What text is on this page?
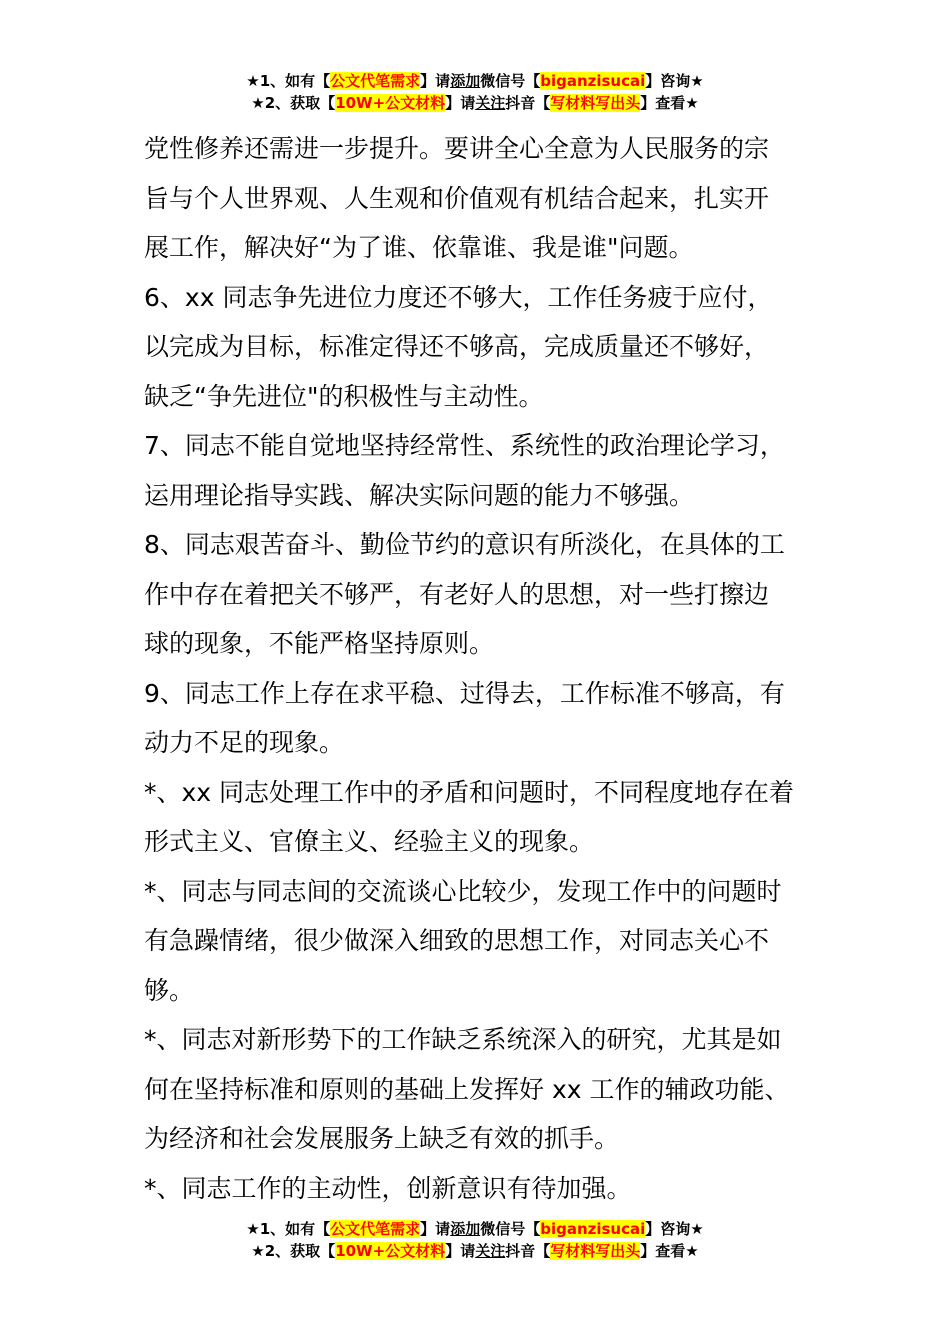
★1、如有【公文代笔需求】请添加微信号【biganzisucai】咨询★
★2、获取【10W+公文材料】请关注抖音【写材料写出头】查看★
党性修养还需进一步提升。要讲全心全意为人民服务的宗
旨与个人世界观、人生观和价值观有机结合起来，扎实开
展工作，解决好“为了谁、依靠谁、我是谁"问题。
6、xx 同志争先进位力度还不够大，工作任务疲于应付，
以完成为目标，标准定得还不够高，完成质量还不够好，
缺乏“争先进位"的积极性与主动性。
7、同志不能自觉地坚持经常性、系统性的政治理论学习，
运用理论指导实践、解决实际问题的能力不够强。
8、同志艰苦奋斗、勤俭节约的意识有所淡化，在具体的工
作中存在着把关不够严，有老好人的思想，对一些打擦边
球的现象，不能严格坚持原则。
9、同志工作上存在求平稳、过得去，工作标准不够高，有
动力不足的现象。
*、xx 同志处理工作中的矛盾和问题时，不同程度地存在着
形式主义、官僚主义、经验主义的现象。
*、同志与同志间的交流谈心比较少，发现工作中的问题时
有急躁情绪，很少做深入细致的思想工作，对同志关心不
够。
*、同志对新形势下的工作缺乏系统深入的研究，尤其是如
何在坚持标准和原则的基础上发挥好 xx 工作的辅政功能、
为经济和社会发展服务上缺乏有效的抓手。
*、同志工作的主动性，创新意识有待加强。
★1、如有【公文代笔需求】请添加微信号【biganzisucai】咨询★
★2、获取【10W+公文材料】请关注抖音【写材料写出头】查看★
